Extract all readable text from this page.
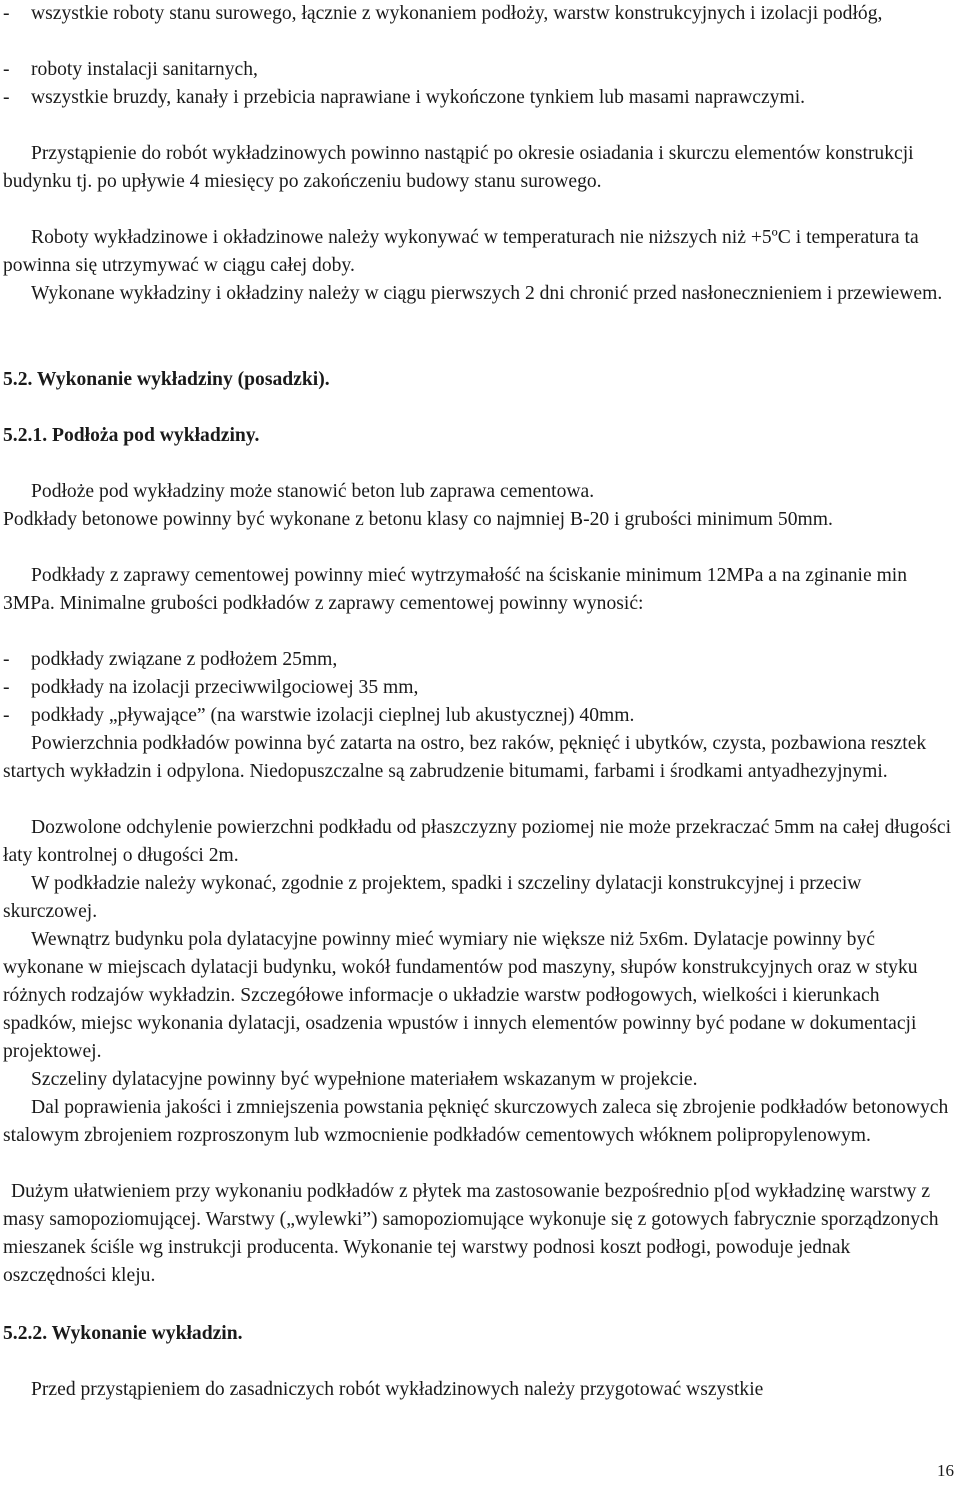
- wszystkie roboty stanu surowego, łącznie z wykonaniem podłoży, warstw konstrukcyjnych i izolacji podłóg,

- roboty instalacji sanitarnych,

- wszystkie bruzdy, kanały i przebicia naprawiane i wykończone tynkiem lub masami naprawczymi.

Przystąpienie do robót wykładzinowych powinno nastąpić po okresie osiadania i skurczu elementów konstrukcji budynku tj. po upływie 4 miesięcy po zakończeniu budowy stanu surowego.

Roboty wykładzinowe i okładzinowe należy wykonywać w temperaturach nie niższych niż +5ºC i temperatura ta powinna się utrzymywać w ciągu całej doby.

Wykonane wykładziny i okładziny należy w ciągu pierwszych 2 dni chronić przed nasłonecznieniem i przewiewem.

5.2. Wykonanie wykładziny (posadzki).

5.2.1. Podłoża pod wykładziny.

Podłoże pod wykładziny może stanowić beton lub zaprawa cementowa.

Podkłady betonowe powinny być wykonane z betonu klasy co najmniej B-20 i grubości minimum 50mm.

Podkłady z zaprawy cementowej powinny mieć wytrzymałość na ściskanie minimum 12MPa a na zginanie min 3MPa. Minimalne grubości podkładów z zaprawy cementowej powinny wynosić:

- podkłady związane z podłożem 25mm,

- podkłady na izolacji przeciwwilgociowej 35 mm,

- podkłady „pływające” (na warstwie izolacji cieplnej lub akustycznej) 40mm.

Powierzchnia podkładów powinna być zatarta na ostro, bez raków, pęknięć i ubytków, czysta, pozbawiona resztek startych wykładzin i odpylona. Niedopuszczalne są zabrudzenie bitumami, farbami i środkami antyadhezyjnymi.

Dozwolone odchylenie powierzchni podkładu od płaszczyzny poziomej nie może przekraczać 5mm na całej długości łaty kontrolnej o długości 2m.

W podkładzie należy wykonać, zgodnie z projektem, spadki i szczeliny dylatacji konstrukcyjnej i przeciw skurczowej.

Wewnątrz budynku pola dylatacyjne powinny mieć wymiary nie większe niż 5x6m. Dylatacje powinny być wykonane w miejscach dylatacji budynku, wokół fundamentów pod maszyny, słupów konstrukcyjnych oraz w styku różnych rodzajów wykładzin. Szczegółowe informacje o układzie warstw podłogowych, wielkości i kierunkach spadków, miejsc wykonania dylatacji, osadzenia wpustów i innych elementów powinny być podane w dokumentacji projektowej.

Szczeliny dylatacyjne powinny być wypełnione materiałem wskazanym w projekcie.

Dal poprawienia jakości i zmniejszenia powstania pęknięć skurczowych zaleca się zbrojenie podkładów betonowych stalowym zbrojeniem rozproszonym lub wzmocnienie podkładów cementowych włóknem polipropylenowym.

Dużym ułatwieniem przy wykonaniu podkładów z płytek ma zastosowanie bezpośrednio p[od wykładzinę warstwy z masy samopoziomującej. Warstwy („wylewki”) samopoziomujące wykonuje się z gotowych fabrycznie sporządzonych mieszanek ściśle wg instrukcji producenta. Wykonanie tej warstwy podnosi koszt podłogi, powoduje jednak oszczędności kleju.

5.2.2. Wykonanie wykładzin.

Przed przystąpieniem do zasadniczych robót wykładzinowych należy przygotować wszystkie

16
